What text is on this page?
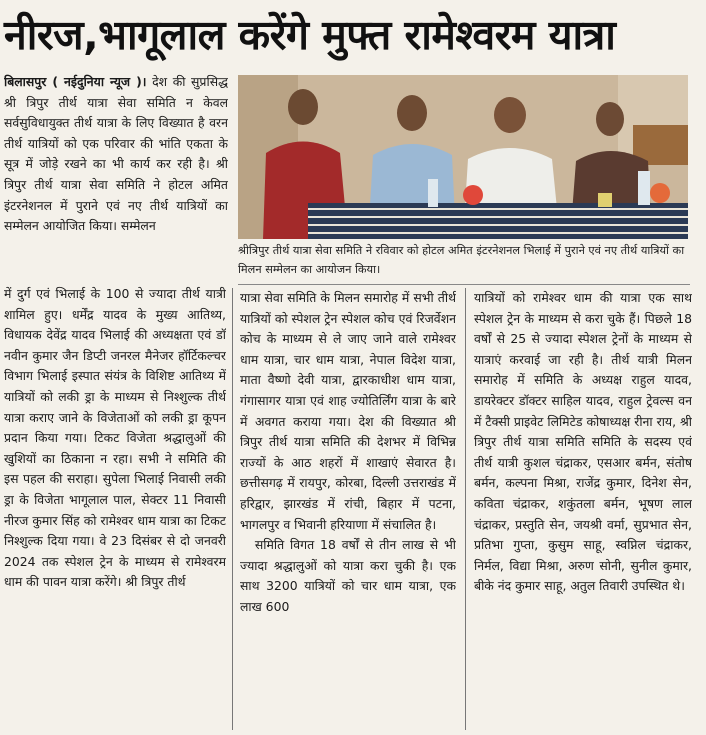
नीरज,भागूलाल करेंगे मुफ्त रामेश्वरम यात्रा
बिलासपुर ( नईदुनिया न्यूज )। देश की सुप्रसिद्ध श्री त्रिपुर तीर्थ यात्रा सेवा समिति न केवल सर्वसुविधायुक्त तीर्थ यात्रा के लिए विख्यात है वरन तीर्थ यात्रियों को एक परिवार की भांति एकता के सूत्र में जोड़े रखने का भी कार्य कर रही है। श्री त्रिपुर तीर्थ यात्रा सेवा समिति ने होटल अमित इंटरनेशनल में पुराने एवं नए तीर्थ यात्रियों का सम्मेलन आयोजित किया। सम्मेलन
श्रीत्रिपुर तीर्थ यात्रा सेवा समिति ने रविवार को होटल अमित इंटरनेशनल भिलाई में पुराने एवं नए तीर्थ यात्रियों का मिलन सम्मेलन का आयोजन किया।
में दुर्ग एवं भिलाई के 100 से ज्यादा तीर्थ यात्री शामिल हुए। धर्मेंद्र यादव के मुख्य आतिथ्य, विधायक देवेंद्र यादव भिलाई की अध्यक्षता एवं डॉ नवीन कुमार जैन डिप्टी जनरल मैनेजर हॉर्टिकल्चर विभाग भिलाई इस्पात संयंत्र के विशिष्ट आतिथ्य में यात्रियों को लकी ड्रा के माध्यम से निश्शुल्क तीर्थ यात्रा कराए जाने के विजेताओं को लकी ड्रा कूपन प्रदान किया गया। टिकट विजेता श्रद्धालुओं की खुशियों का ठिकाना न रहा। सभी ने समिति की इस पहल की सराहा। सुपेला भिलाई निवासी लकी ड्रा के विजेता भागूलाल पाल, सेक्टर 11 निवासी नीरज कुमार सिंह को रामेश्वर धाम यात्रा का टिकट निश्शुल्क दिया गया। वे 23 दिसंबर से दो जनवरी 2024 तक स्पेशल ट्रेन के माध्यम से रामेश्वरम धाम की पावन यात्रा करेंगे। श्री त्रिपुर तीर्थ
यात्रा सेवा समिति के मिलन समारोह में सभी तीर्थ यात्रियों को स्पेशल ट्रेन स्पेशल कोच एवं रिजर्वेशन कोच के माध्यम से ले जाए जाने वाले रामेश्वर धाम यात्रा, चार धाम यात्रा, नेपाल विदेश यात्रा, माता वैष्णो देवी यात्रा, द्वारकाधीश धाम यात्रा, गंगासागर यात्रा एवं शाह ज्योतिर्लिंग यात्रा के बारे में अवगत कराया गया। देश की विख्यात श्री त्रिपुर तीर्थ यात्रा समिति की देशभर में विभिन्न राज्यों के आठ शहरों में शाखाएं सेवारत है। छत्तीसगढ़ में रायपुर, कोरबा, दिल्ली उत्तराखंड में हरिद्वार, झारखंड में रांची, बिहार में पटना, भागलपुर व भिवानी हरियाणा में संचालित है।
समिति विगत 18 वर्षों से तीन लाख से भी ज्यादा श्रद्धालुओं को यात्रा करा चुकी है। एक साथ 3200 यात्रियों को चार धाम यात्रा, एक लाख 600
यात्रियों को रामेश्वर धाम की यात्रा एक साथ स्पेशल ट्रेन के माध्यम से करा चुके हैं। पिछले 18 वर्षों से 25 से ज्यादा स्पेशल ट्रेनों के माध्यम से यात्राएं करवाई जा रही है। तीर्थ यात्री मिलन समारोह में समिति के अध्यक्ष राहुल यादव, डायरेक्टर डॉक्टर साहिल यादव, राहुल ट्रेवल्स वन में टैक्सी प्राइवेट लिमिटेड कोषाध्यक्ष रीना राय, श्री त्रिपुर तीर्थ यात्रा समिति समिति के सदस्य एवं तीर्थ यात्री कुशल चंद्राकर, एसआर बर्मन, संतोष बर्मन, कल्पना मिश्रा, राजेंद्र कुमार, दिनेश सेन, कविता चंद्राकर, शकुंतला बर्मन, भूषण लाल चंद्राकर, प्रस्तुति सेन, जयश्री वर्मा, सुप्रभात सेन, प्रतिभा गुप्ता, कुसुम साहू, स्वप्निल चंद्राकर, निर्मल, विद्या मिश्रा, अरुण सोनी, सुनील कुमार, बीके नंद कुमार साहू, अतुल तिवारी उपस्थित थे।
